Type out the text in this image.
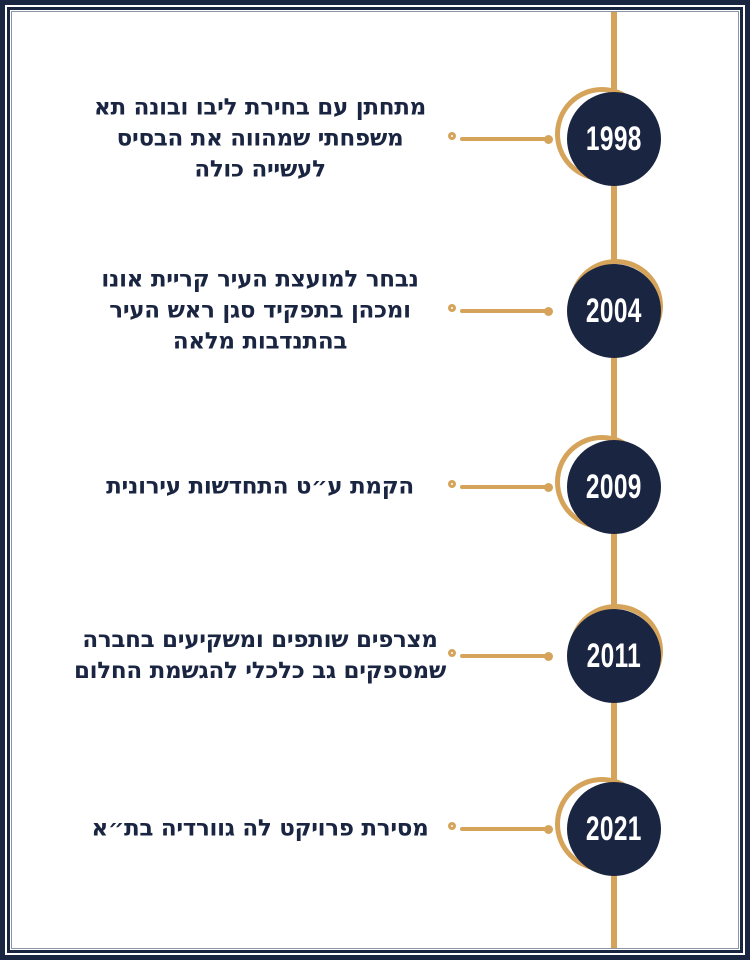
מתחתן עם בחירת ליבו ובונה תא
משפחתי שמהווה את הבסיס
לעשייה כולה
1998
נבחר למועצת העיר קריית אונו
ומכהן בתפקיד סגן ראש העיר
בהתנדבות מלאה
2004
הקמת ע״ט התחדשות עירונית	2009
מצרפים שותפים ומשקיעים בחברה
שמספקים גב כלכלי להגשמת החלום	2011
מסירת פרויקט לה גוורדיה בת״א	2021
